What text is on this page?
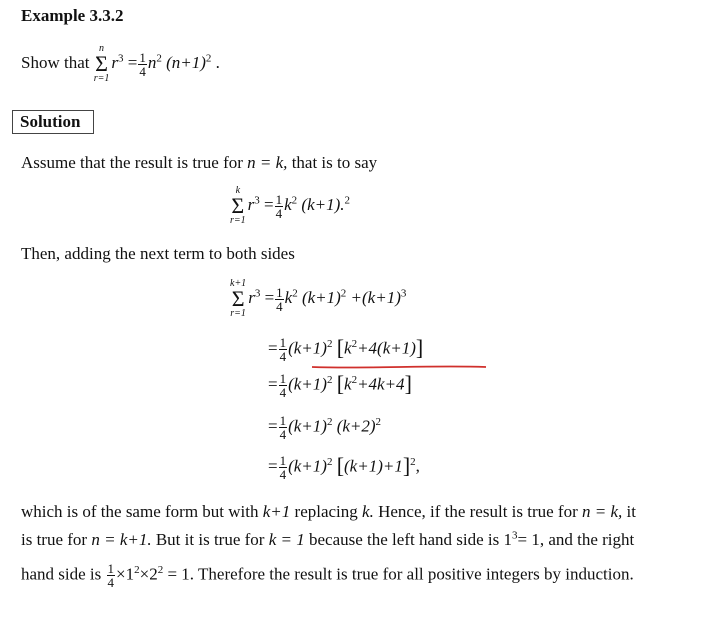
Example 3.3.2
Show that n
Σ
$r=1r^3 = \frac{1}{4} n^2$ $(n+1)^2$ .
Solution
Assume that the result is true for n = k, that is to say
k
Σ
$r=1r^3 = \frac{1}{4} k^2$ (k+1).$^2$
Then, adding the next term to both sides
k+1
Σ
$r=1r^3 = \frac{1}{4} k^2$ $(k+1)^2 +(k+1)^3$
= $\frac{1}{4} (k+1)^2$ $[k^2+4(k+1)]$
= $\frac{1}{4} (k+1)^2$ $[k^2+4k+4]$
= $\frac{1}{4} (k+1)^2$ $(k+2)^2$
= $\frac{1}{4} (k+1)^2$ $[(k+1)+1]^2$,
which is of the same form but with k+1 replacing k. Hence, if the result is true for n = k, it
is true for n = k+1. But it is true for k = 1 because the left hand side is $1^3= 1$, and the right
hand side is $\frac{1}{4} \times 1^2\times 2^2 = 1$. Therefore the result is true for all positive integers by induction.
